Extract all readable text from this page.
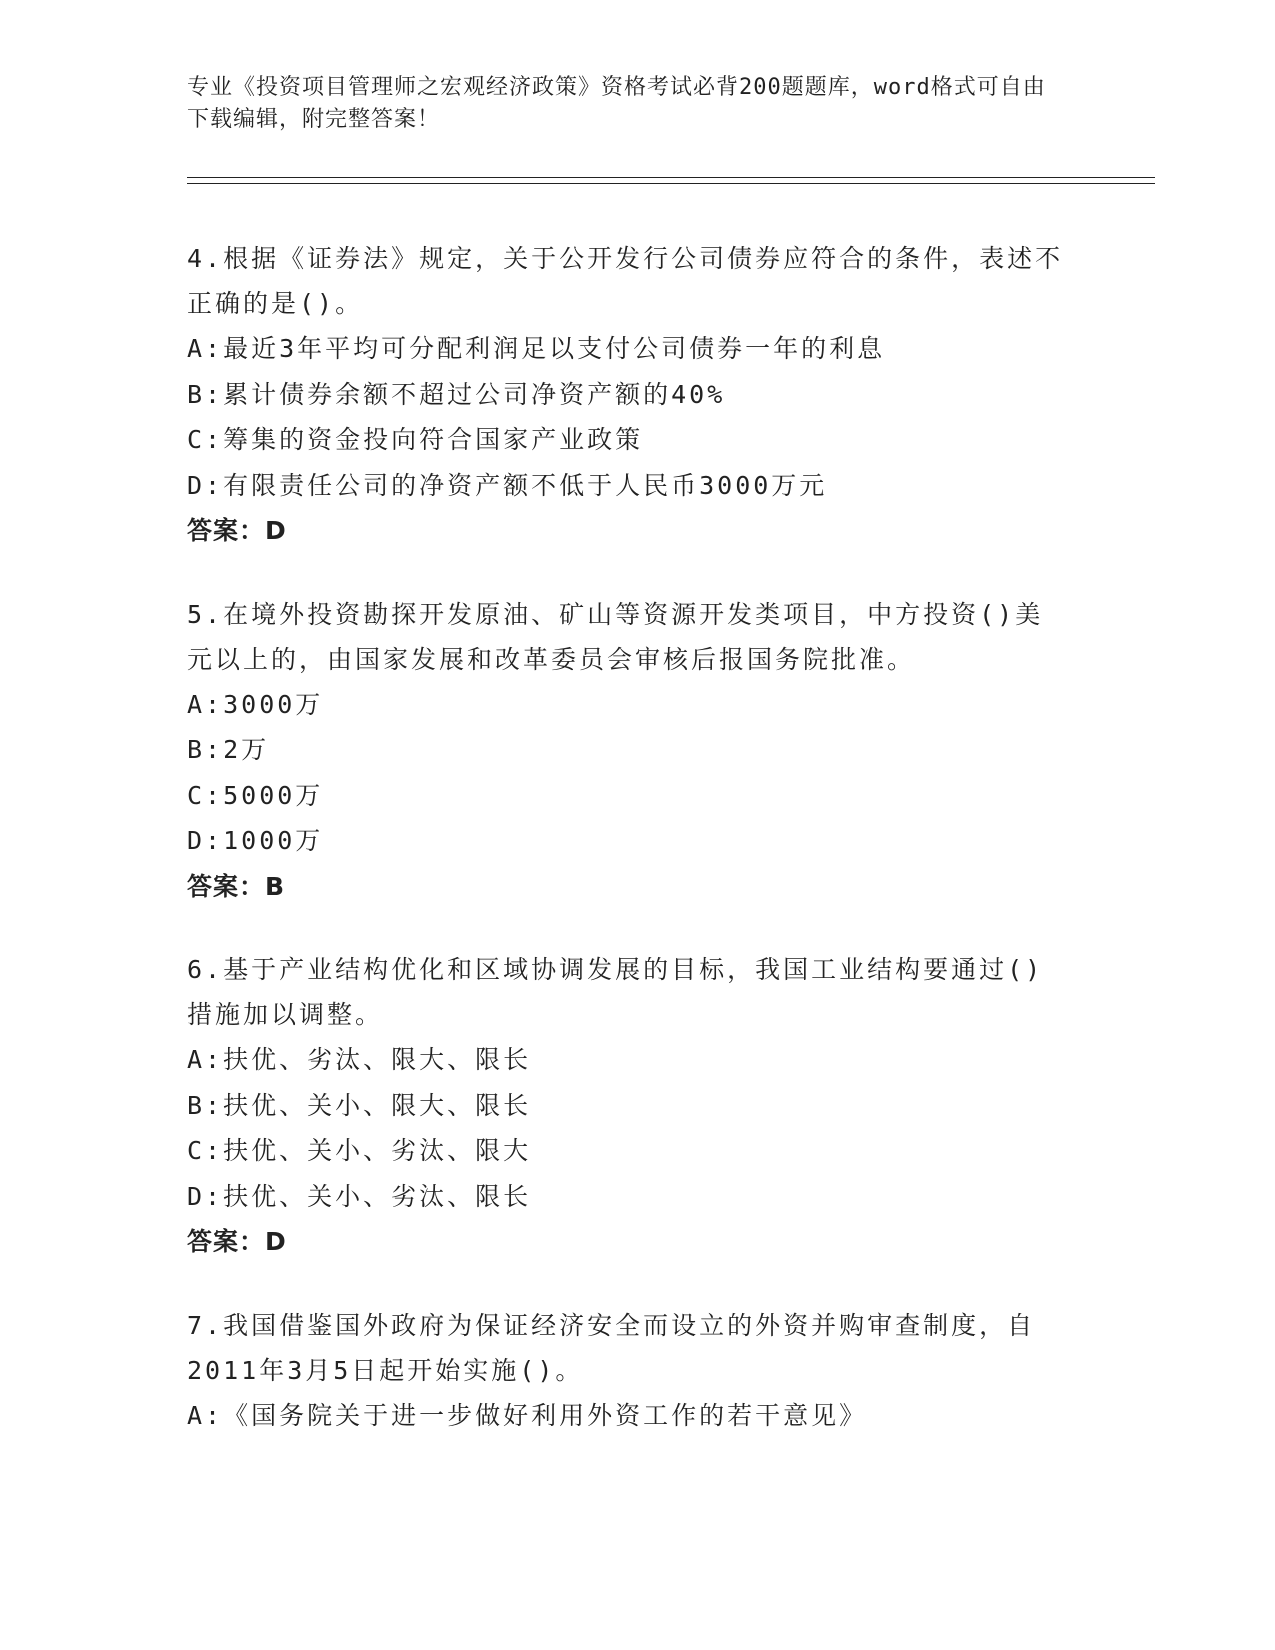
专业《投资项目管理师之宏观经济政策》资格考试必背200题题库，word格式可自由下载编辑，附完整答案！
4.根据《证券法》规定，关于公开发行公司债券应符合的条件，表述不正确的是()。
A:最近3年平均可分配利润足以支付公司债券一年的利息
B:累计债券余额不超过公司净资产额的40%
C:筹集的资金投向符合国家产业政策
D:有限责任公司的净资产额不低于人民币3000万元
答案：D
5.在境外投资勘探开发原油、矿山等资源开发类项目，中方投资()美元以上的，由国家发展和改革委员会审核后报国务院批准。
A:3000万
B:2万
C:5000万
D:1000万
答案：B
6.基于产业结构优化和区域协调发展的目标，我国工业结构要通过()措施加以调整。
A:扶优、劣汰、限大、限长
B:扶优、关小、限大、限长
C:扶优、关小、劣汰、限大
D:扶优、关小、劣汰、限长
答案：D
7.我国借鉴国外政府为保证经济安全而设立的外资并购审查制度，自2011年3月5日起开始实施()。
A:《国务院关于进一步做好利用外资工作的若干意见》
